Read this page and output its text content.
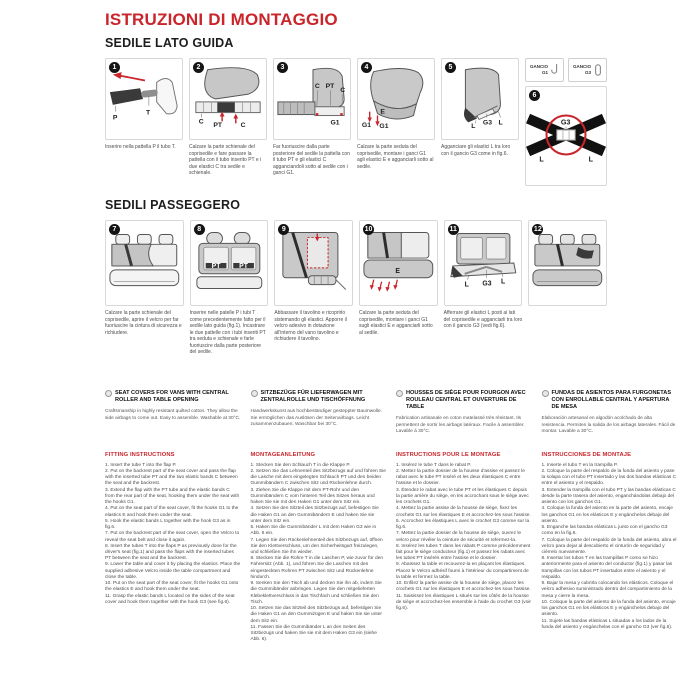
ISTRUZIONI DI MONTAGGIO
SEDILE LATO GUIDA
1
P
T
Inserire nella pattella P il tubo T.
2
C
PT	C
Calzare la parte schienale del coprisedile e fare passare la pattella con il tubo inserito PT e i due elastici C tra sedile e schienale.
3
C PT
C
G1
Far fuoriuscire dalla parte posteriore del sedile la pattella con il tubo PT e gli elastici C agganciandoli sotto al sedile con i ganci G1.
4
E
G1 G1
Calzare la parte seduta del coprisedile, montare i ganci G1 agli elastici E e agganciarli sotto al sedile.
5
G3 L
L
Agganciare gli elastici L tra loro con il gancio G3 come in fig.6.
GANCIO
G1
GANCIO
G3
6
G3
L	L
SEDILI PASSEGGERO
7
Calzare la parte schienale del coprisedile, aprire il velcro per far fuoriuscire la cintura di sicurezza e richiudere.
8
PT	PT
Inserire nelle patelle P i tubi T come precedentemente fatto per il sedile lato guida (fig.1). Incastrare le due pattelle con i tubi inseriti PT tra seduta e schienale e farle fuoriuscire dalla parte posteriore del sedile.
9
Abbassare il tavolino e ricoprirlo sistemando gli elastici. Apporre il velcro adesivo in dotazione all'interno del vano tavolino e richiudere il tavolino.
10
E
Calzare la parte seduta del coprisedile, montare i ganci G1 sugli elastici E e agganciarli sotto al sedile.
11
L G3 L
Afferrare gli elastici L posti ai lati del coprisedile e agganciarli tra loro con il gancio G3 (vedi fig.6).
12
SEAT COVERS FOR VANS WITH CENTRAL ROLLER AND TABLE OPENING
Craftsmanship in highly resistant quilted cotton. They allow the side airbags to come out. Easy to assemble. Washable at 30°C.
SITZBEZÜGE FÜR LIEFERWAGEN MIT ZENTRALROLLE UND TISCHÖFFNUNG
Handwerkskunst aus hochbeständiger gesteppter Baumwolle. Sie ermöglichen das Auslösen der Seitenairbags. Leicht zusammenzubauen. Waschbar bei 30°C.
HOUSSES DE SIÈGE POUR FOURGON AVEC ROULEAU CENTRAL ET OUVERTURE DE TABLE
Fabrication artisanale en coton matelassé très résistant. Ils permettent de sortir les airbags latéraux. Facile à assembler. Lavable à 30°C.
FUNDAS DE ASIENTOS PARA FURGONETAS CON ENROLLABLE CENTRAL Y APERTURA DE MESA
Elaboración artesanal en algodón acolchado de alta resistencia. Permiten la salida de los airbags laterales. Fácil de montar. Lavable a 30°C.
FITTING INSTRUCTIONS
1. Insert the tube T into the flap P.
2. Put on the backrest part of the seat cover and pass the flap with the inserted tube PT and the two elastic bands C between the seat and the backrest.
3. Extend the flap with the PT tube and the elastic bands C from the rear part of the seat, hooking them under the seat with the hooks G1.
4. Put on the seat part of the seat cover, fit the hooks G1 to the elastics E and hook them under the seat.
5. Hook the elastic bands L together with the hook G3 as in fig.6.
7. Put on the backrest part of the seat cover, open the Velcro to reveal the seat belt and close it again.
8. Insert the tubes T into the flaps P as previously done for the driver's seat (fig.1) and pass the flaps with the inserted tubes PT between the seat and the backrest.
9. Lower the table and cover it by placing the elastics. Place the supplied adhesive Velcro inside the table compartment and close the table.
10. Put on the seat part of the seat cover, fit the hooks G1 onto the elastics E and hook them under the seat.
11. Grasp the elastic bands L located on the sides of the seat cover and hook them together with the hook G3 (see fig.6).
MONTAGEANLEITUNG
1. Stecken Sie den Schlauch T in die Klappe P.
2. Setzen Sie das Lehnenteil des Sitzbezugs auf und führen Sie die Lasche mit dem eingelegten Schlauch PT und den beiden Gummibändern C zwischen Sitz und Rückenlehne durch.
3. Ziehen Sie die Klappe mit dem PT-Rohr und den Gummibändern C vom hinteren Teil des Sitzes heraus und haken Sie sie mit den Haken G1 unter dem Sitz ein.
4. Setzen Sie den Sitzteil des Sitzbezugs auf, befestigen Sie die Haken G1 an den Gummibändern E und haken Sie sie unter dem Sitz ein.
5. Haken Sie die Gummibänder L mit dem Haken G3 wie in Abb. 6 ein.
7. Legen Sie den Rückenlehnenteil des Sitzbezugs auf, öffnen Sie den Klettverschluss, um den Sicherheitsgurt freizulegen, und schließen Sie ihn wieder.
8. Stecken Sie die Rohre T in die Laschen P, wie zuvor für den Fahrersitz (Abb. 1), und führen Sie die Laschen mit den eingesteckten Rohren PT zwischen Sitz und Rückenlehne hindurch.
9. Senken Sie den Tisch ab und decken Sie ihn ab, indem Sie die Gummibänder anbringen. Legen Sie den mitgelieferten Klebeklettverschluss in das Tischfach und schließen Sie den Tisch.
10. Setzen Sie das Sitzteil des Sitzbezugs auf, befestigen Sie die Haken G1 an den Gummizügen E und haken Sie sie unter dem Sitz ein.
11. Fassen Sie die Gummibänder L an den Seiten des Sitzbezugs und haken Sie sie mit dem Haken G3 ein (siehe Abb. 6).
INSTRUCTIONS POUR LE MONTAGE
1. Insérez le tube T dans le rabat P.
2. Mettez la partie dossier de la housse d'assise et passez le rabat avec le tube PT inséré et les deux élastiques C entre l'assise et le dossier.
3. Étendez le rabat avec le tube PT et les élastiques C depuis la partie arrière du siège, en les accrochant sous le siège avec les crochets G1.
4. Mettez la partie assise de la housse de siège, fixez les crochets G1 sur les élastiques E et accrochez-les sous l'assise.
5. Accrochez les élastiques L avec le crochet G3 comme sur la fig.6.
7. Mettez la partie dossier de la housse de siège, ouvrez le velcro pour révéler la ceinture de sécurité et refermez-la.
8. Insérez les tubes T dans les rabats P comme précédemment fait pour le siège conducteur (fig.1) et passez les rabats avec les tubes PT insérés entre l'assise et le dossier.
9. Abaissez la table et recouvrez-la en plaçant les élastiques. Placez le Velcro adhésif fourni à l'intérieur du compartiment de la table et fermez la table.
10. Enfilez la partie assise de la housse de siège, placez les crochets G1 sur les élastiques E et accrochez-les sous l'assise.
11. Saisissez les élastiques L situés sur les côtés de la housse de siège et accrochez-les ensemble à l'aide du crochet G3 (voir fig.6).
INSTRUCCIONES DE MONTAJE
1. Inserte el tubo T en la trampilla P.
2. Coloque la parte del respaldo de la funda del asiento y pase la solapa con el tubo PT insertado y las dos bandas elásticas C entre el asiento y el respaldo.
3. Extender la trampilla con el tubo PT y las bandas elásticas C desde la parte trasera del asiento, enganchándolas debajo del asiento con los ganchos G1.
4. Coloque la funda del asiento en la parte del asiento, encaje los ganchos G1 en los elásticos E y engánchelos debajo del asiento.
5. Enganche las bandas elásticas L junto con el gancho G3 como en la fig.6.
7. Coloque la parte del respaldo de la funda del asiento, abra el velcro para dejar al descubierto el cinturón de seguridad y ciérrelo nuevamente.
8. Insertar los tubos T en las trampillas P como se hizo anteriormente para el asiento del conductor (fig.1) y pasar las trampillas con los tubos PT insertados entre el asiento y el respaldo.
9. Bajar la mesa y cubrirla colocando los elásticos. Coloque el velcro adhesivo suministrado dentro del compartimiento de la mesa y cierre la mesa.
10. Coloque la parte del asiento de la funda del asiento, encaje los ganchos G1 en los elásticos E y engánchelos debajo del asiento.
11. Sujete las bandas elásticas L situadas a los lados de la funda del asiento y engánchelas con el gancho G3 (ver fig.6).
